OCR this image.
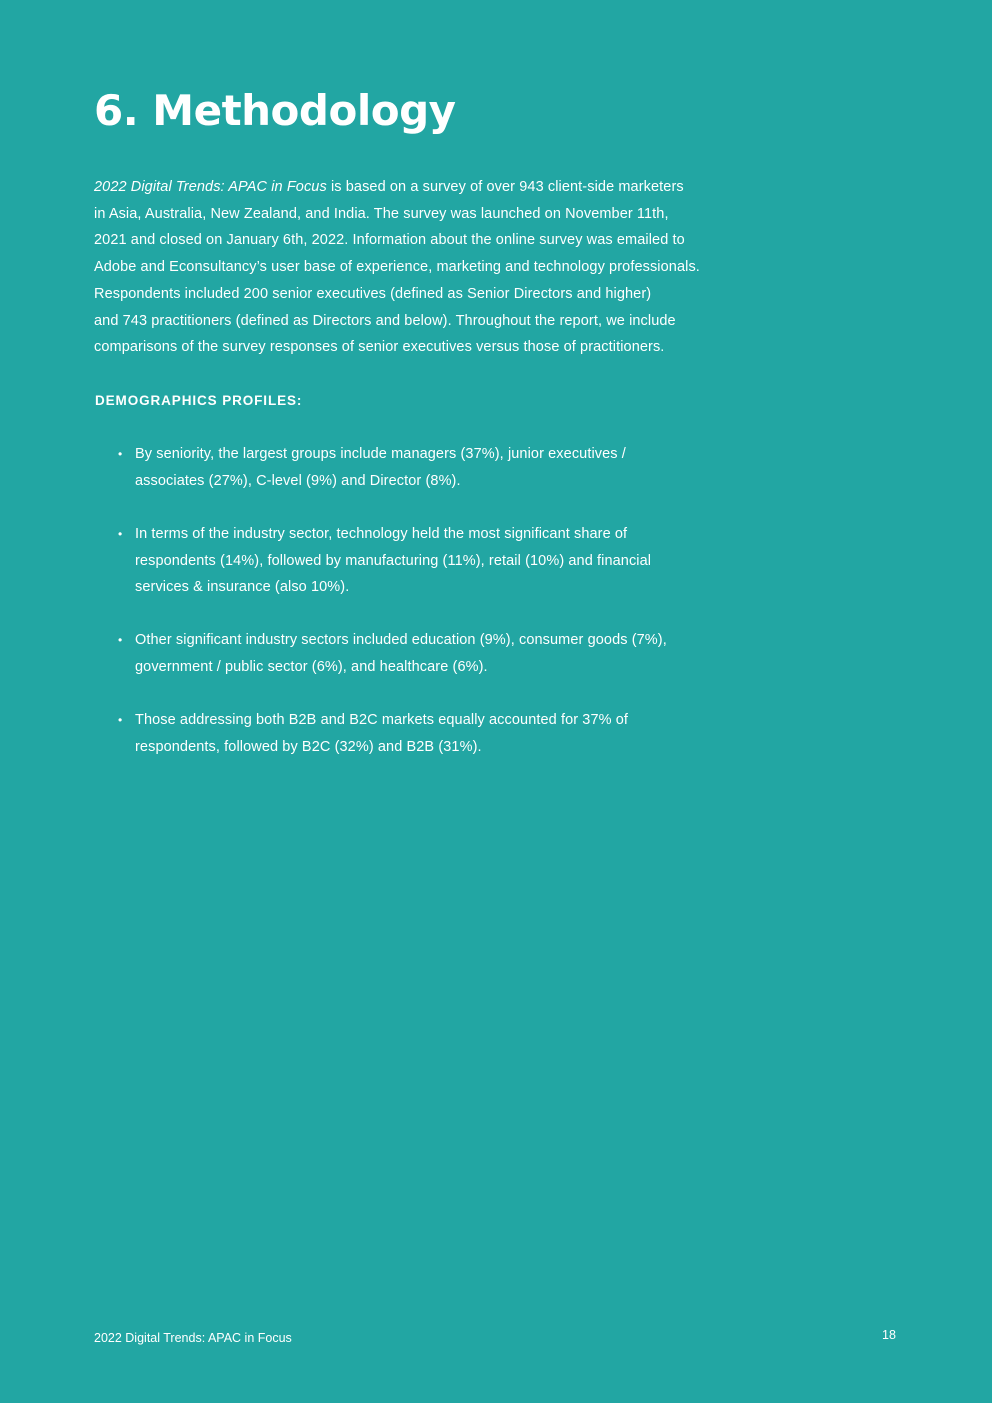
6. Methodology

2022 Digital Trends: APAC in Focus is based on a survey of over 943 client-side marketers
in Asia, Australia, New Zealand, and India. The survey was launched on November 11th,
2021 and closed on January 6th, 2022. Information about the online survey was emailed to
Adobe and Econsultancy’s user base of experience, marketing and technology professionals.
Respondents included 200 senior executives (defined as Senior Directors and higher)
and 743 practitioners (defined as Directors and below). Throughout the report, we include
comparisons of the survey responses of senior executives versus those of practitioners.

DEMOGRAPHICS PROFILES:
• By seniority, the largest groups include managers (37%), junior executives /
associates (27%), C-level (9%) and Director (8%).
• In terms of the industry sector, technology held the most significant share of
respondents (14%), followed by manufacturing (11%), retail (10%) and financial
services & insurance (also 10%).
• Other significant industry sectors included education (9%), consumer goods (7%),
government / public sector (6%), and healthcare (6%).
• Those addressing both B2B and B2C markets equally accounted for 37% of
respondents, followed by B2C (32%) and B2B (31%).
2022 Digital Trends: APAC in Focus	18
